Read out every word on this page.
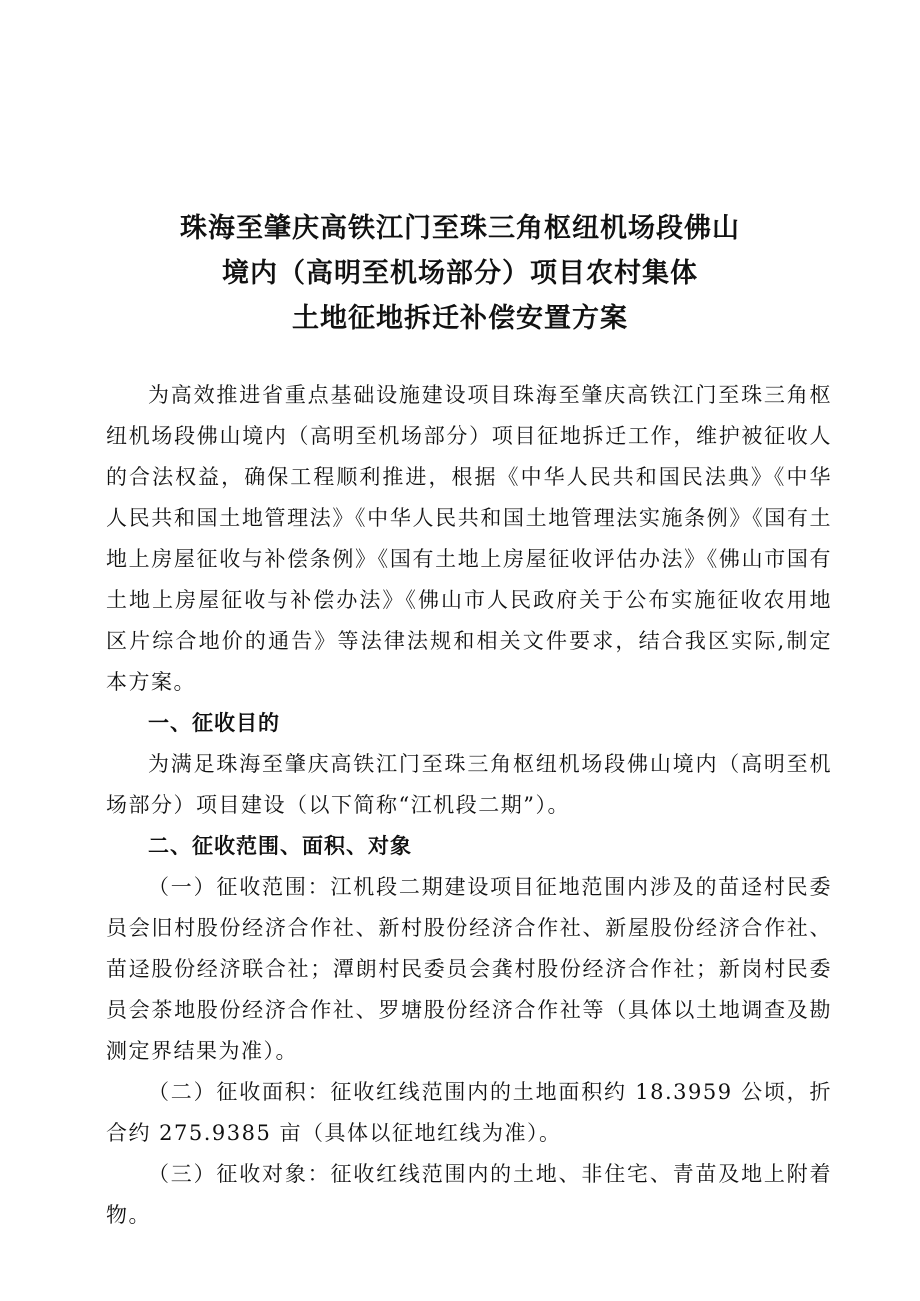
珠海至肇庆高铁江门至珠三角枢纽机场段佛山
境内（高明至机场部分）项目农村集体
土地征地拆迁补偿安置方案

为高效推进省重点基础设施建设项目珠海至肇庆高铁江门至珠三角枢纽机场段佛山境内（高明至机场部分）项目征地拆迁工作，维护被征收人的合法权益，确保工程顺利推进，根据《中华人民共和国民法典》《中华人民共和国土地管理法》《中华人民共和国土地管理法实施条例》《国有土地上房屋征收与补偿条例》《国有土地上房屋征收评估办法》《佛山市国有土地上房屋征收与补偿办法》《佛山市人民政府关于公布实施征收农用地区片综合地价的通告》等法律法规和相关文件要求，结合我区实际,制定本方案。

一、征收目的

为满足珠海至肇庆高铁江门至珠三角枢纽机场段佛山境内（高明至机场部分）项目建设（以下简称“江机段二期”）。

二、征收范围、面积、对象

（一）征收范围：江机段二期建设项目征地范围内涉及的苗迳村民委员会旧村股份经济合作社、新村股份经济合作社、新屋股份经济合作社、苗迳股份经济联合社；潭朗村民委员会龚村股份经济合作社；新岗村民委员会茶地股份经济合作社、罗塘股份经济合作社等（具体以土地调查及勘测定界结果为准）。

（二）征收面积：征收红线范围内的土地面积约 18.3959 公顷，折合约 275.9385 亩（具体以征地红线为准）。

（三）征收对象：征收红线范围内的土地、非住宅、青苗及地上附着物。
